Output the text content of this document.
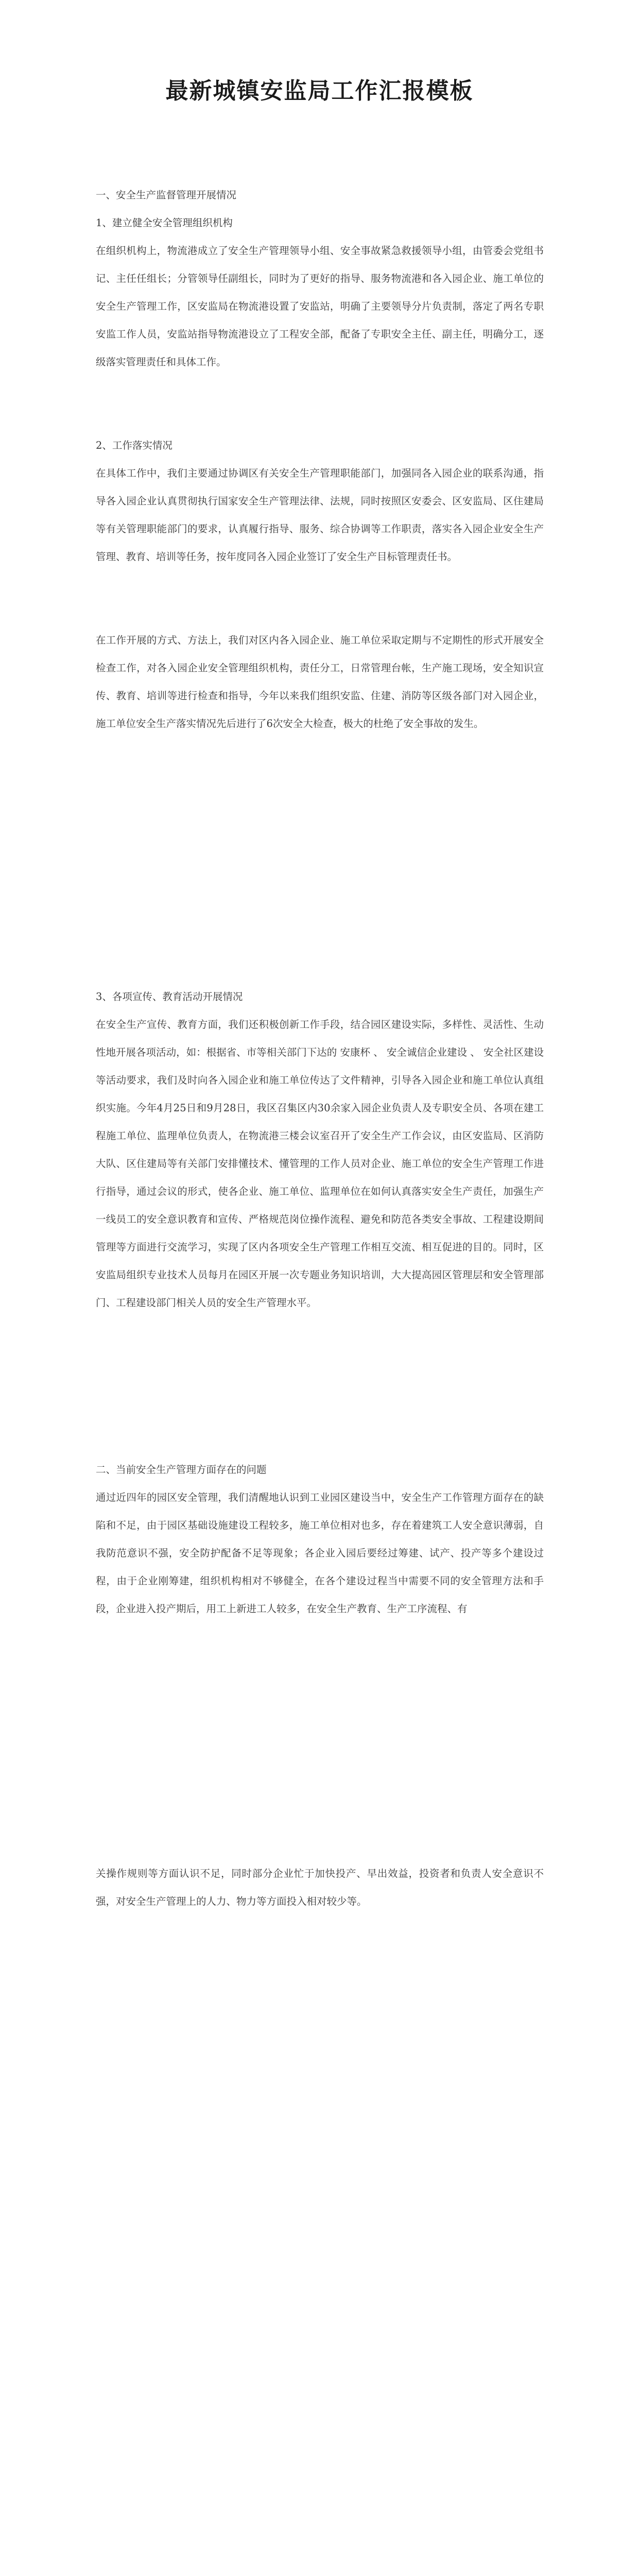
最新城镇安监局工作汇报模板

一、安全生产监督管理开展情况

1、建立健全安全管理组织机构

在组织机构上，物流港成立了安全生产管理领导小组、安全事故紧急救援领导小组，由管委会党组书记、主任任组长；分管领导任副组长，同时为了更好的指导、服务物流港和各入园企业、施工单位的安全生产管理工作，区安监局在物流港设置了安监站，明确了主要领导分片负责制，落定了两名专职安监工作人员，安监站指导物流港设立了工程安全部，配备了专职安全主任、副主任，明确分工，逐级落实管理责任和具体工作。

2、工作落实情况

在具体工作中，我们主要通过协调区有关安全生产管理职能部门，加强同各入园企业的联系沟通，指导各入园企业认真贯彻执行国家安全生产管理法律、法规，同时按照区安委会、区安监局、区住建局等有关管理职能部门的要求，认真履行指导、服务、综合协调等工作职责，落实各入园企业安全生产管理、教育、培训等任务，按年度同各入园企业签订了安全生产目标管理责任书。

在工作开展的方式、方法上，我们对区内各入园企业、施工单位采取定期与不定期性的形式开展安全检查工作，对各入园企业安全管理组织机构，责任分工，日常管理台帐，生产施工现场，安全知识宣传、教育、培训等进行检查和指导，今年以来我们组织安监、住建、消防等区级各部门对入园企业，施工单位安全生产落实情况先后进行了6次安全大检查，极大的杜绝了安全事故的发生。

3、各项宣传、教育活动开展情况

在安全生产宣传、教育方面，我们还积极创新工作手段，结合园区建设实际，多样性、灵活性、生动性地开展各项活动，如：根据省、市等相关部门下达的 安康杯 、 安全诚信企业建设 、 安全社区建设 等活动要求，我们及时向各入园企业和施工单位传达了文件精神，引导各入园企业和施工单位认真组织实施。今年4月25日和9月28日，我区召集区内30余家入园企业负责人及专职安全员、各项在建工程施工单位、监理单位负责人，在物流港三楼会议室召开了安全生产工作会议，由区安监局、区消防大队、区住建局等有关部门安排懂技术、懂管理的工作人员对企业、施工单位的安全生产管理工作进行指导，通过会议的形式，使各企业、施工单位、监理单位在如何认真落实安全生产责任，加强生产一线员工的安全意识教育和宣传、严格规范岗位操作流程、避免和防范各类安全事故、工程建设期间管理等方面进行交流学习，实现了区内各项安全生产管理工作相互交流、相互促进的目的。同时，区安监局组织专业技术人员每月在园区开展一次专题业务知识培训，大大提高园区管理层和安全管理部门、工程建设部门相关人员的安全生产管理水平。

二、当前安全生产管理方面存在的问题

通过近四年的园区安全管理，我们清醒地认识到工业园区建设当中，安全生产工作管理方面存在的缺陷和不足，由于园区基础设施建设工程较多，施工单位相对也多，存在着建筑工人安全意识薄弱，自我防范意识不强，安全防护配备不足等现象；各企业入园后要经过筹建、试产、投产等多个建设过程，由于企业刚筹建，组织机构相对不够健全，在各个建设过程当中需要不同的安全管理方法和手段，企业进入投产期后，用工上新进工人较多，在安全生产教育、生产工序流程、有

关操作规则等方面认识不足，同时部分企业忙于加快投产、早出效益，投资者和负责人安全意识不强，对安全生产管理上的人力、物力等方面投入相对较少等。
